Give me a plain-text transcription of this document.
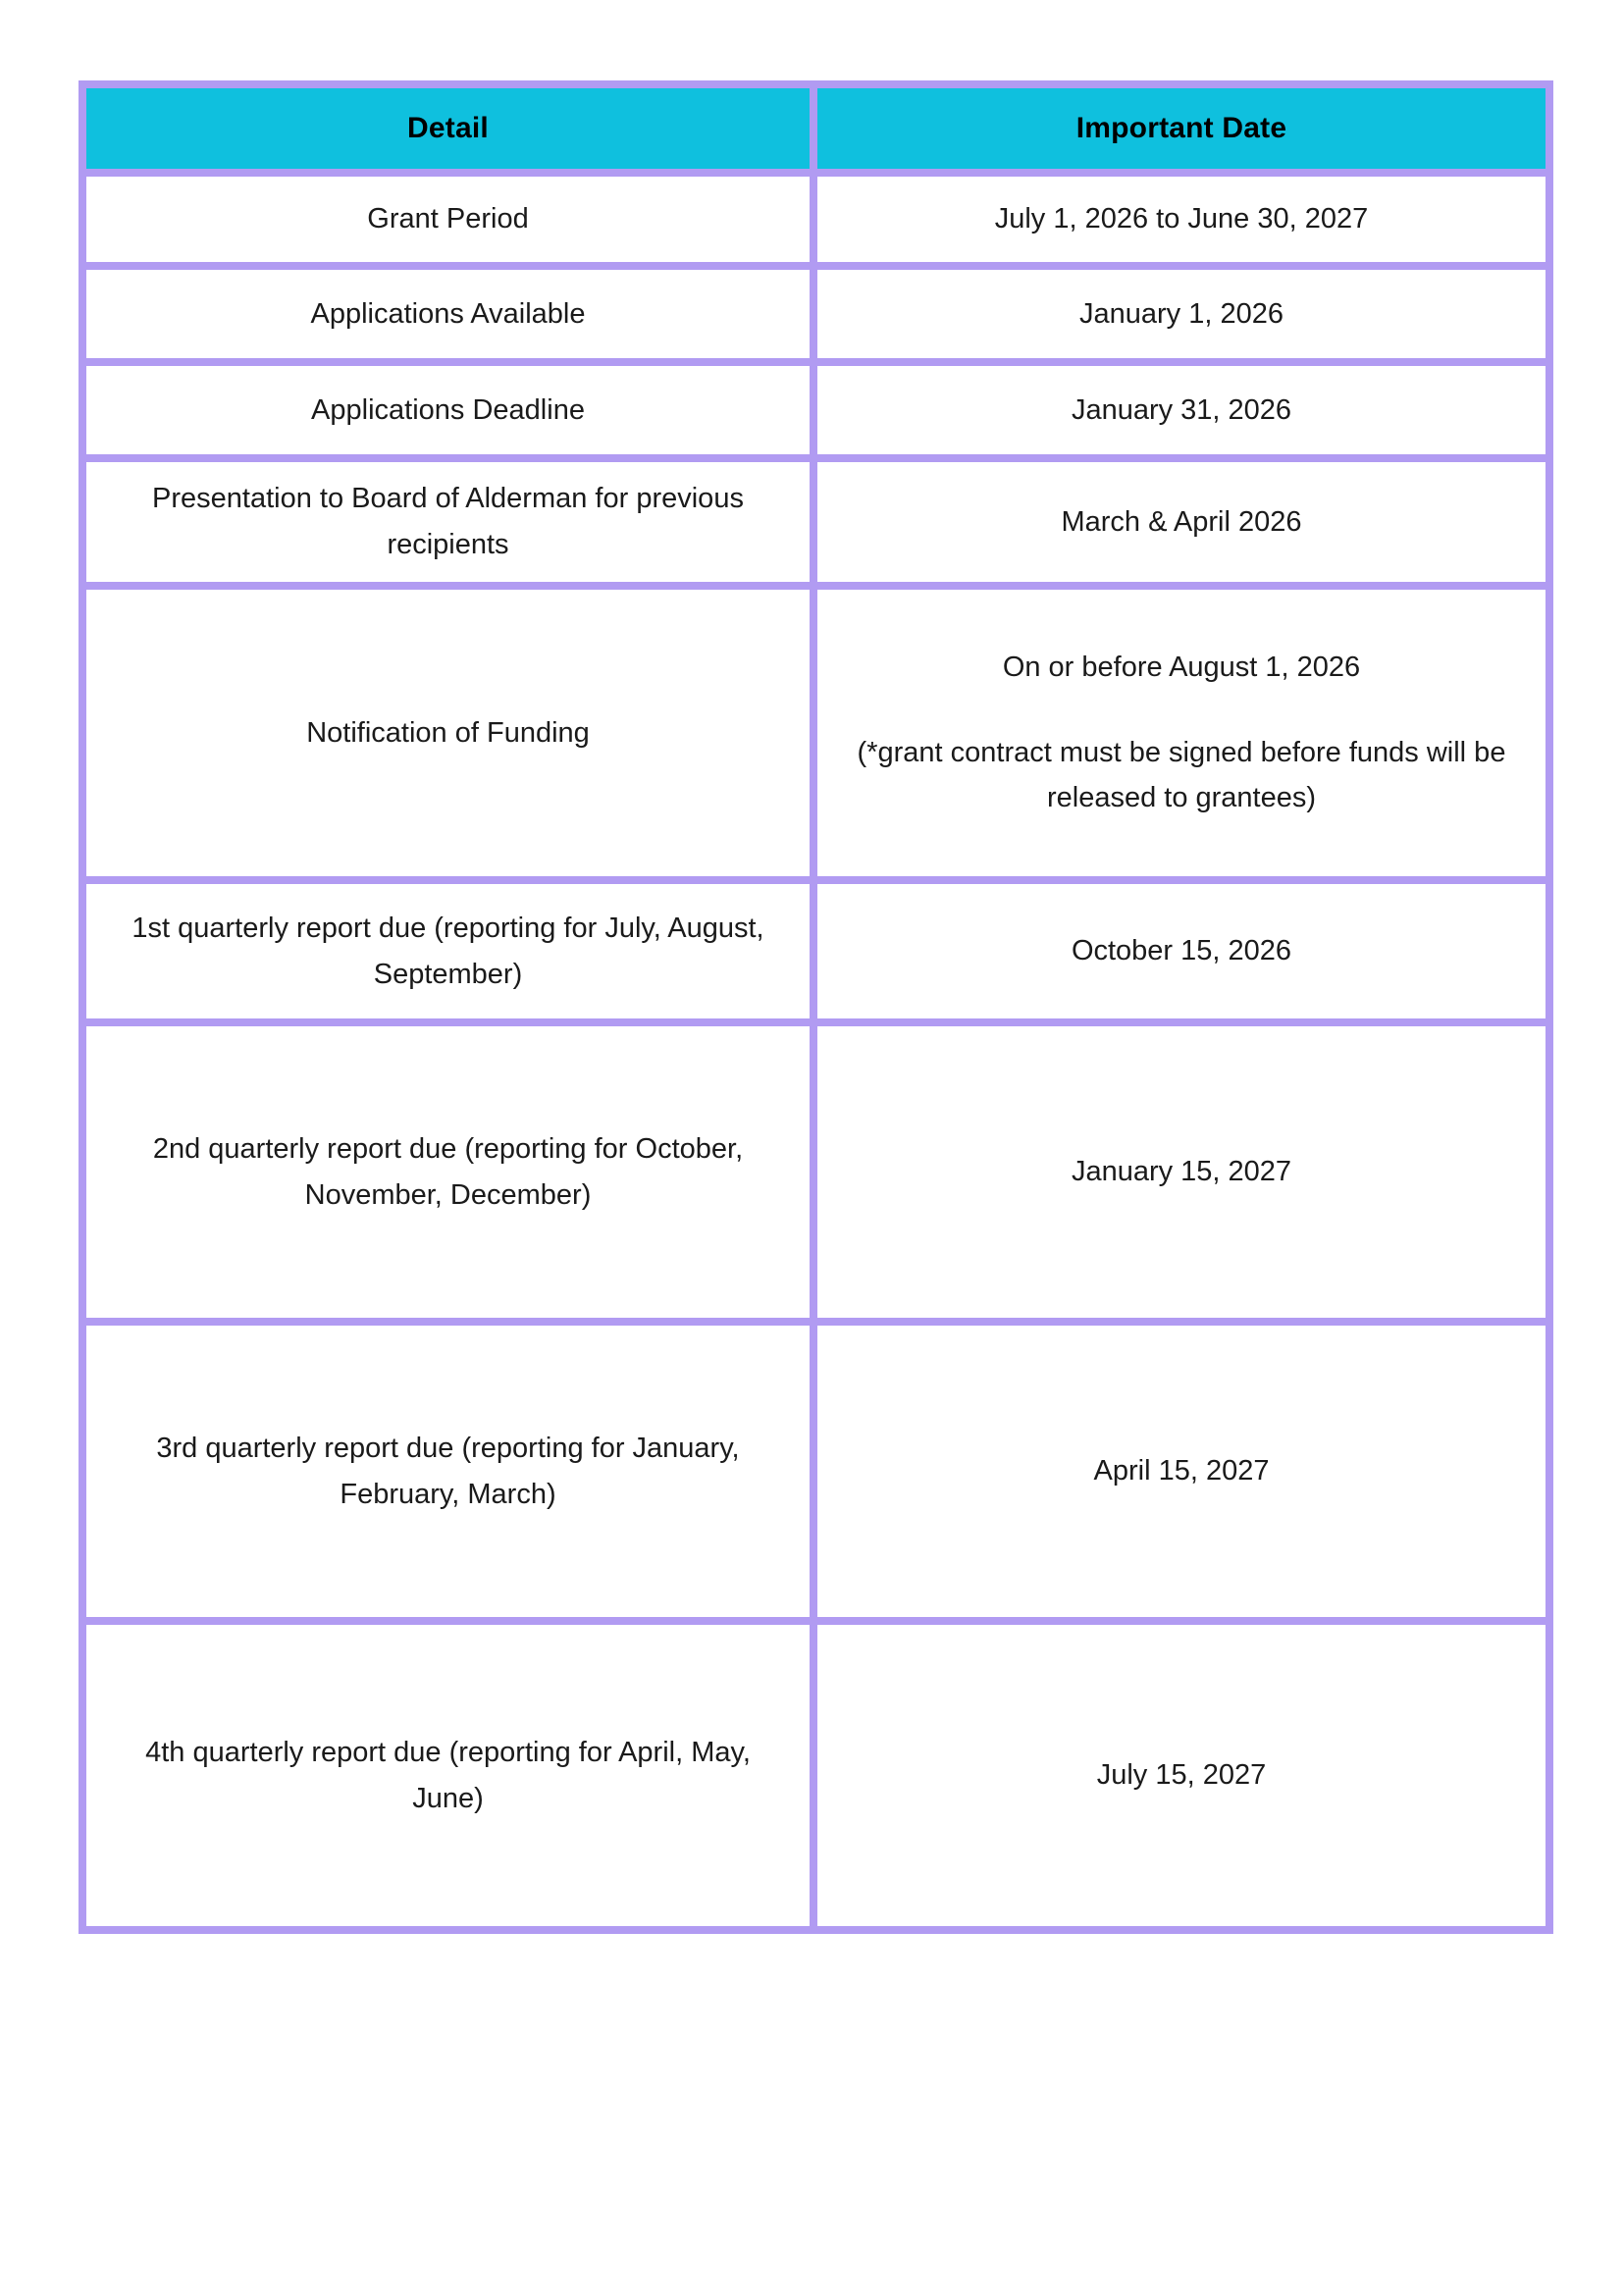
Detail	Important Date

Grant Period	July 1, 2026 to June 30, 2027

Applications Available	January 1, 2026

Applications Deadline	January 31, 2026

Presentation to Board of Alderman for previous recipients	March & April 2026

Notification of Funding	On or before August 1, 2026

(*grant contract must be signed before funds will be released to grantees)

1st quarterly report due (reporting for July, August, September)	October 15, 2026

2nd quarterly report due (reporting for October, November, December)	January 15, 2027

3rd quarterly report due (reporting for January, February, March)	April 15, 2027

4th quarterly report due (reporting for April, May, June)	July 15, 2027
